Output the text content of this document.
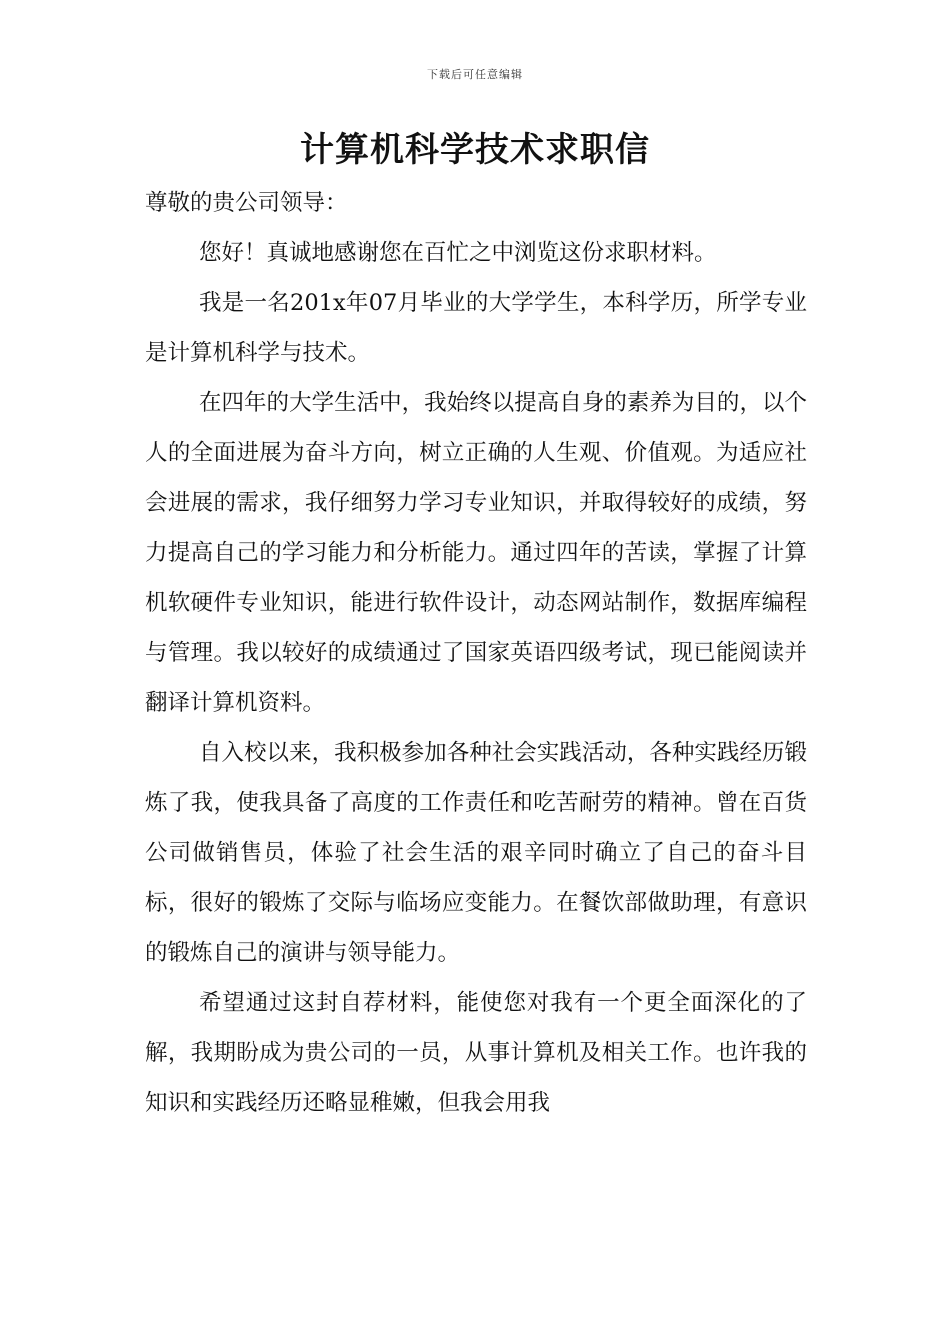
下载后可任意编辑
计算机科学技术求职信

尊敬的贵公司领导：

您好！真诚地感谢您在百忙之中浏览这份求职材料。

我是一名201x年07月毕业的大学学生，本科学历，所学专业是计算机科学与技术。

在四年的大学生活中，我始终以提高自身的素养为目的，以个人的全面进展为奋斗方向，树立正确的人生观、价值观。为适应社会进展的需求，我仔细努力学习专业知识，并取得较好的成绩，努力提高自己的学习能力和分析能力。通过四年的苦读，掌握了计算机软硬件专业知识，能进行软件设计，动态网站制作，数据库编程与管理。我以较好的成绩通过了国家英语四级考试，现已能阅读并翻译计算机资料。

自入校以来，我积极参加各种社会实践活动，各种实践经历锻炼了我，使我具备了高度的工作责任和吃苦耐劳的精神。曾在百货公司做销售员，体验了社会生活的艰辛同时确立了自己的奋斗目标，很好的锻炼了交际与临场应变能力。在餐饮部做助理，有意识的锻炼自己的演讲与领导能力。

希望通过这封自荐材料，能使您对我有一个更全面深化的了解，我期盼成为贵公司的一员，从事计算机及相关工作。也许我的知识和实践经历还略显稚嫩，但我会用我
